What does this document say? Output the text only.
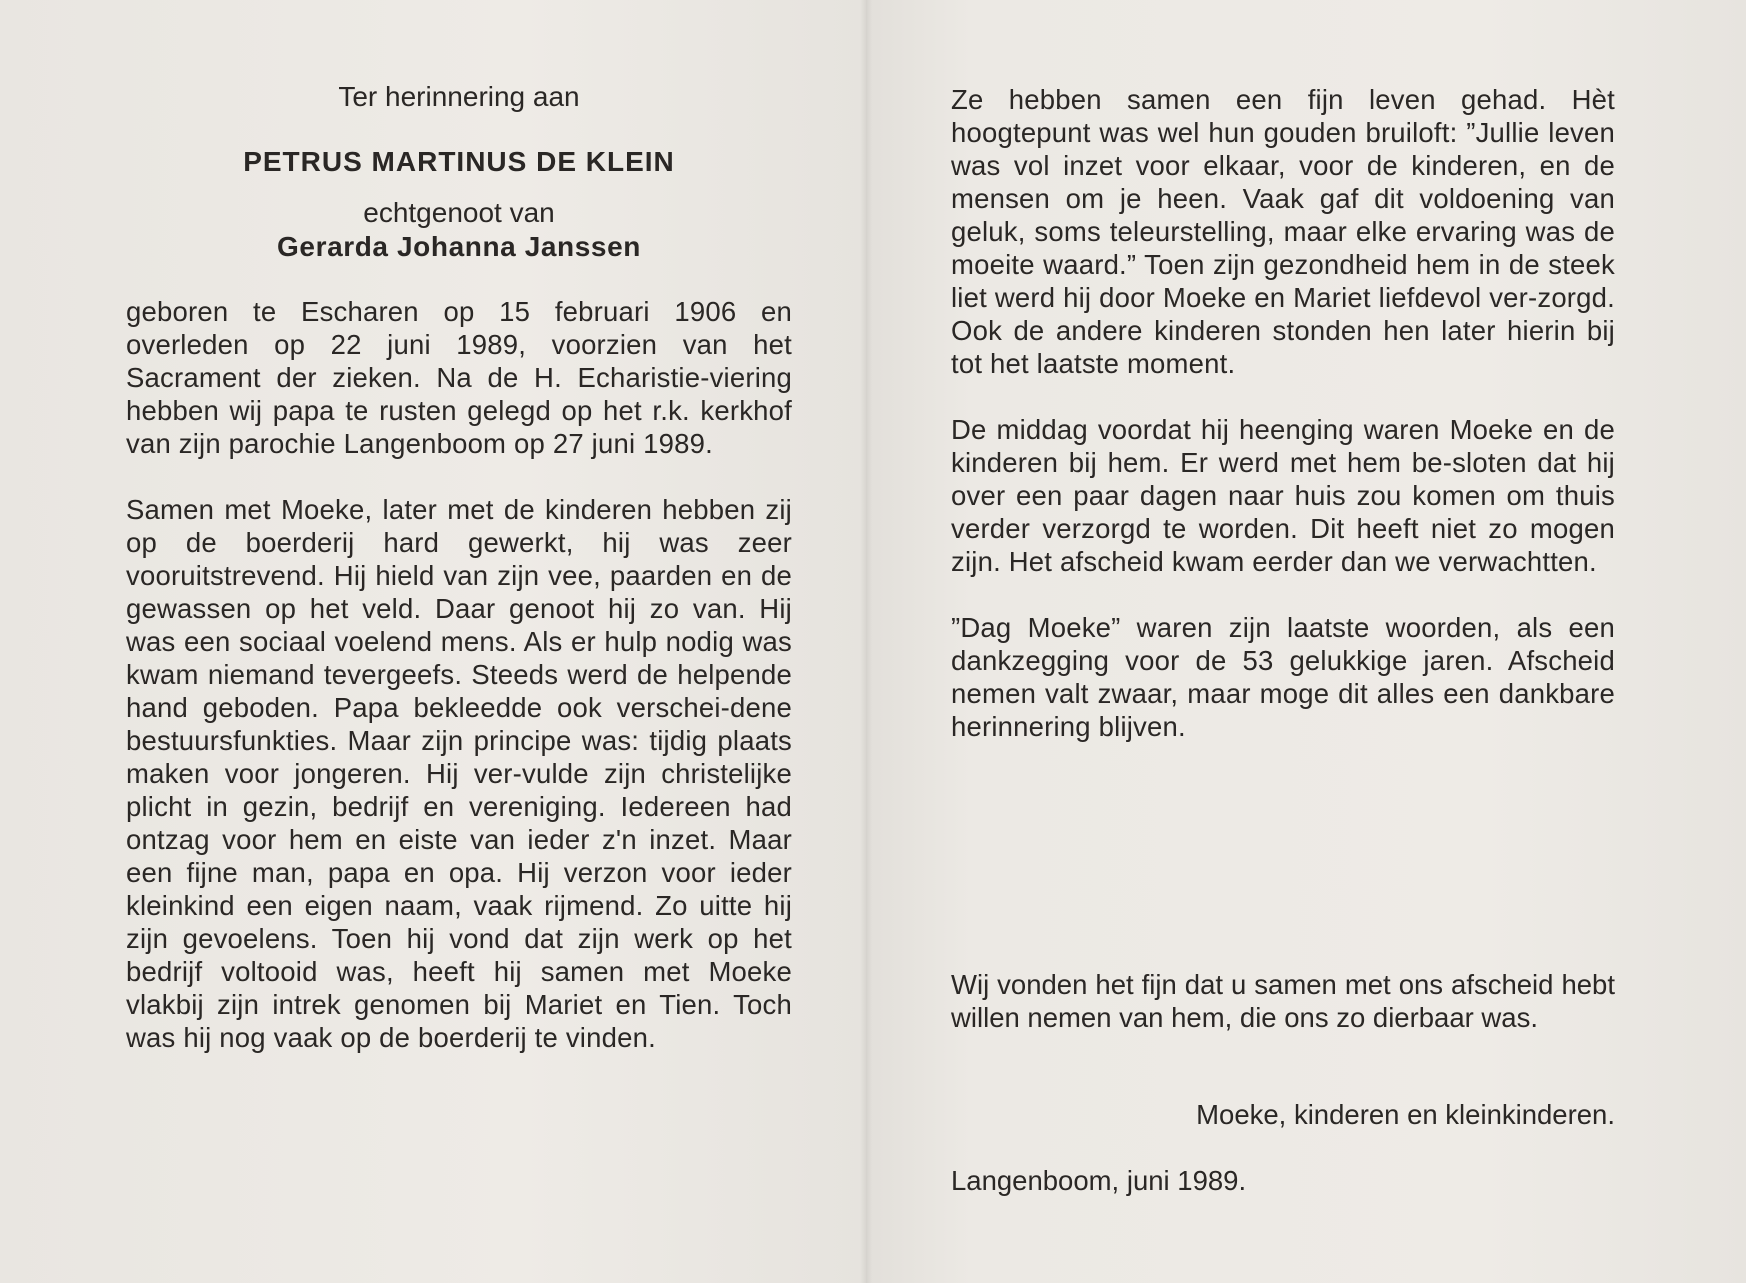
Ter herinnering aan
PETRUS MARTINUS DE KLEIN
echtgenoot van
Gerarda Johanna Janssen

geboren te Escharen op 15 februari 1906 en overleden op 22 juni 1989, voorzien van het Sacrament der zieken. Na de H. Echaristie-viering hebben wij papa te rusten gelegd op het r.k. kerkhof van zijn parochie Langenboom op 27 juni 1989.

Samen met Moeke, later met de kinderen hebben zij op de boerderij hard gewerkt, hij was zeer vooruitstrevend. Hij hield van zijn vee, paarden en de gewassen op het veld. Daar genoot hij zo van. Hij was een sociaal voelend mens. Als er hulp nodig was kwam niemand tevergeefs. Steeds werd de helpende hand geboden. Papa bekleedde ook verschei-dene bestuursfunkties. Maar zijn principe was: tijdig plaats maken voor jongeren. Hij ver-vulde zijn christelijke plicht in gezin, bedrijf en vereniging. Iedereen had ontzag voor hem en eiste van ieder z'n inzet. Maar een fijne man, papa en opa. Hij verzon voor ieder kleinkind een eigen naam, vaak rijmend. Zo uitte hij zijn gevoelens. Toen hij vond dat zijn werk op het bedrijf voltooid was, heeft hij samen met Moeke vlakbij zijn intrek genomen bij Mariet en Tien. Toch was hij nog vaak op de boerderij te vinden.

Ze hebben samen een fijn leven gehad. Hèt hoogtepunt was wel hun gouden bruiloft: ”Jullie leven was vol inzet voor elkaar, voor de kinderen, en de mensen om je heen. Vaak gaf dit voldoening van geluk, soms teleurstelling, maar elke ervaring was de moeite waard.” Toen zijn gezondheid hem in de steek liet werd hij door Moeke en Mariet liefdevol ver-zorgd. Ook de andere kinderen stonden hen later hierin bij tot het laatste moment.

De middag voordat hij heenging waren Moeke en de kinderen bij hem. Er werd met hem be-sloten dat hij over een paar dagen naar huis zou komen om thuis verder verzorgd te worden. Dit heeft niet zo mogen zijn. Het afscheid kwam eerder dan we verwachtten.

”Dag Moeke” waren zijn laatste woorden, als een dankzegging voor de 53 gelukkige jaren. Afscheid nemen valt zwaar, maar moge dit alles een dankbare herinnering blijven.

Wij vonden het fijn dat u samen met ons afscheid hebt willen nemen van hem, die ons zo dierbaar was.
Moeke, kinderen en kleinkinderen.
Langenboom, juni 1989.
